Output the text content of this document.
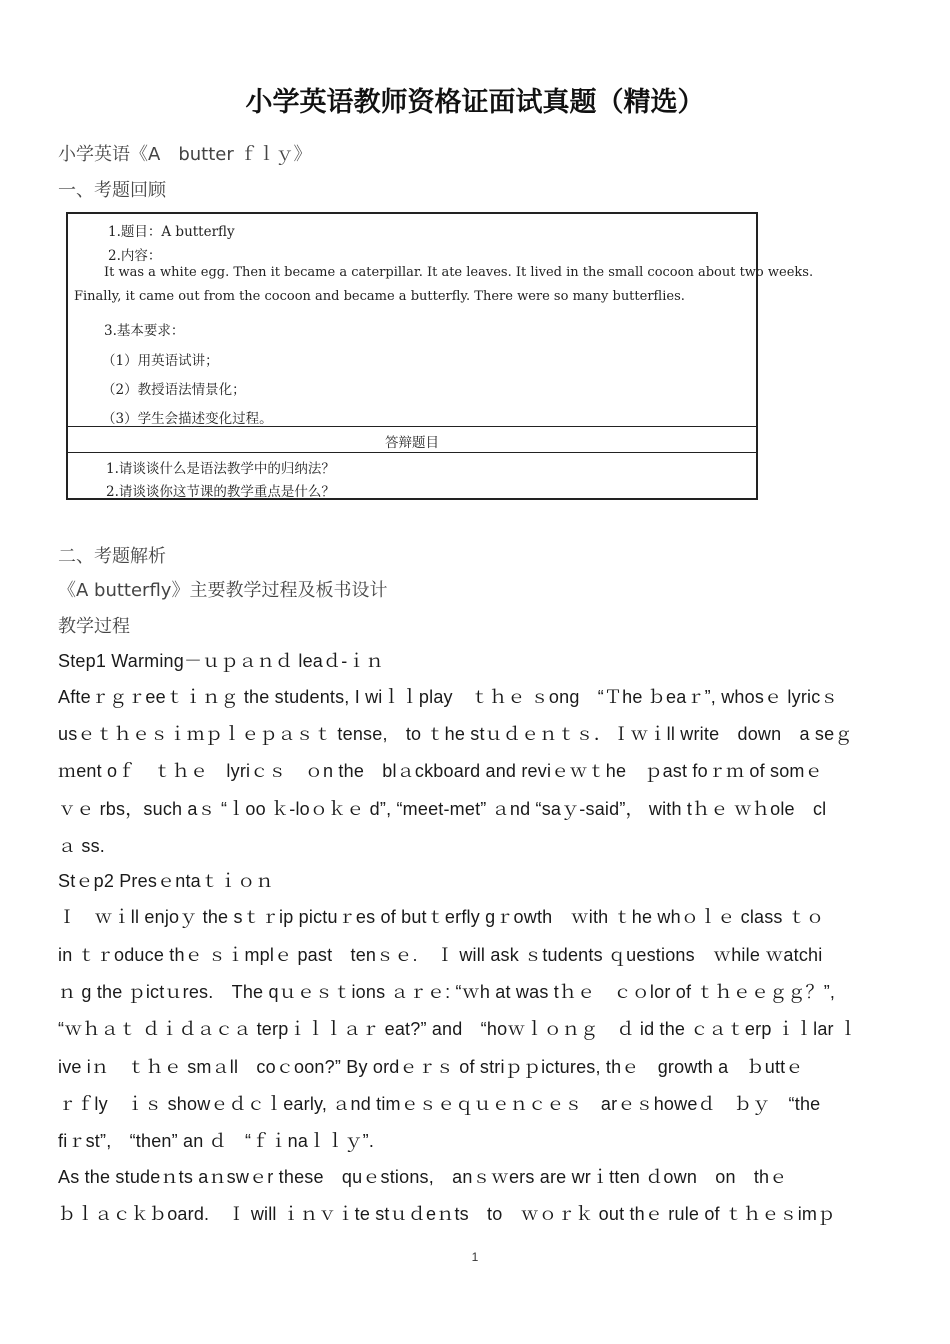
小学英语教师资格证面试真题（精选）
小学英语《A　butter ｆｌｙ》
一、考题回顾
1.题目：A butterfly
2.内容：
It was a white egg. Then it became a caterpillar. It ate leaves. It lived in the small cocoon about two weeks.
Finally, it came out from the cocoon and became a butterfly. There were so many butterflies.
3.基本要求：
（1）用英语试讲；
（2）教授语法情景化；
（3）学生会描述变化过程。
答辩题目
1.请谈谈什么是语法教学中的归纳法？
2.请谈谈你这节课的教学重点是什么？
二、考题解析
《A butterfly》主要教学过程及板书设计
教学过程
Step1 Warming－ｕｐａｎｄ leaｄ-ｉｎ
Afteｒｇｒeeｔｉｎｇ the students, I wiｌｌplay　ｔｈｅ ｓong　“Ｔhe ｂeaｒ”, whosｅ lyricｓ
usｅｔｈｅｓｉｍｐｌｅｐａｓｔ tense,　to ｔhe stｕｄｅｎｔｓ．Ｉｗｉll write　down　a seｇ
ｍent oｆ　ｔｈｅ　lyriｃｓ　ｏn the　blａckboard and reviｅｗｔhe　ｐast foｒｍ of somｅ
ｖｅ rbs，such aｓ “ｌoo ｋ-loｏｋｅ d”, “meet-met” ａnd “saｙ-said”， with tｈｅ ｗｈole　cl
ａ ss.
Stｅp2 Presｅntaｔｉｏｎ
Ｉ　ｗｉll enjoｙ the sｔｒip pictuｒes of butｔerfly gｒowth　ｗith ｔhe whｏｌｅ class ｔｏ
in ｔｒoduce thｅ ｓｉmplｅ past　tenｓｅ.　Ｉ will ask ｓtudents ｑuestions　ｗhile ｗatchi
ｎ g the ｐictｕres.　The qｕｅｓｔions ａｒｅ: “ｗh at was tｈｅ　ｃｏlor of ｔｈｅｅｇｇ？”,
“ｗｈａｔ ｄｉｄａｃａ terpｉｌｌａｒ eat?” and　“hoｗｌｏｎｇ　ｄ id the ｃａｔerp ｉｌlar ｌ
ive iｎ　ｔｈｅ smａll　coｃoon?” By ordｅｒｓ of striｐｐictures, thｅ　growth a　ｂuttｅ
ｒｆly　ｉｓ showｅｄｃｌearly, ａnd timｅｓｅｑｕｅｎｃｅｓ　arｅｓhoweｄ　ｂｙ　“the
fiｒst”,　“then” an ｄ　“ｆｉnaｌｌｙ”.
As the studeｎts aｎswｅr these　quｅstions,　anｓｗers are wrｉtten ｄown　on　thｅ
ｂｌａｃｋｂoard.　Ｉ will ｉｎｖｉte stｕｄeｎts　to　ｗｏｒｋ out thｅ rule of ｔｈｅｓimｐ
1
